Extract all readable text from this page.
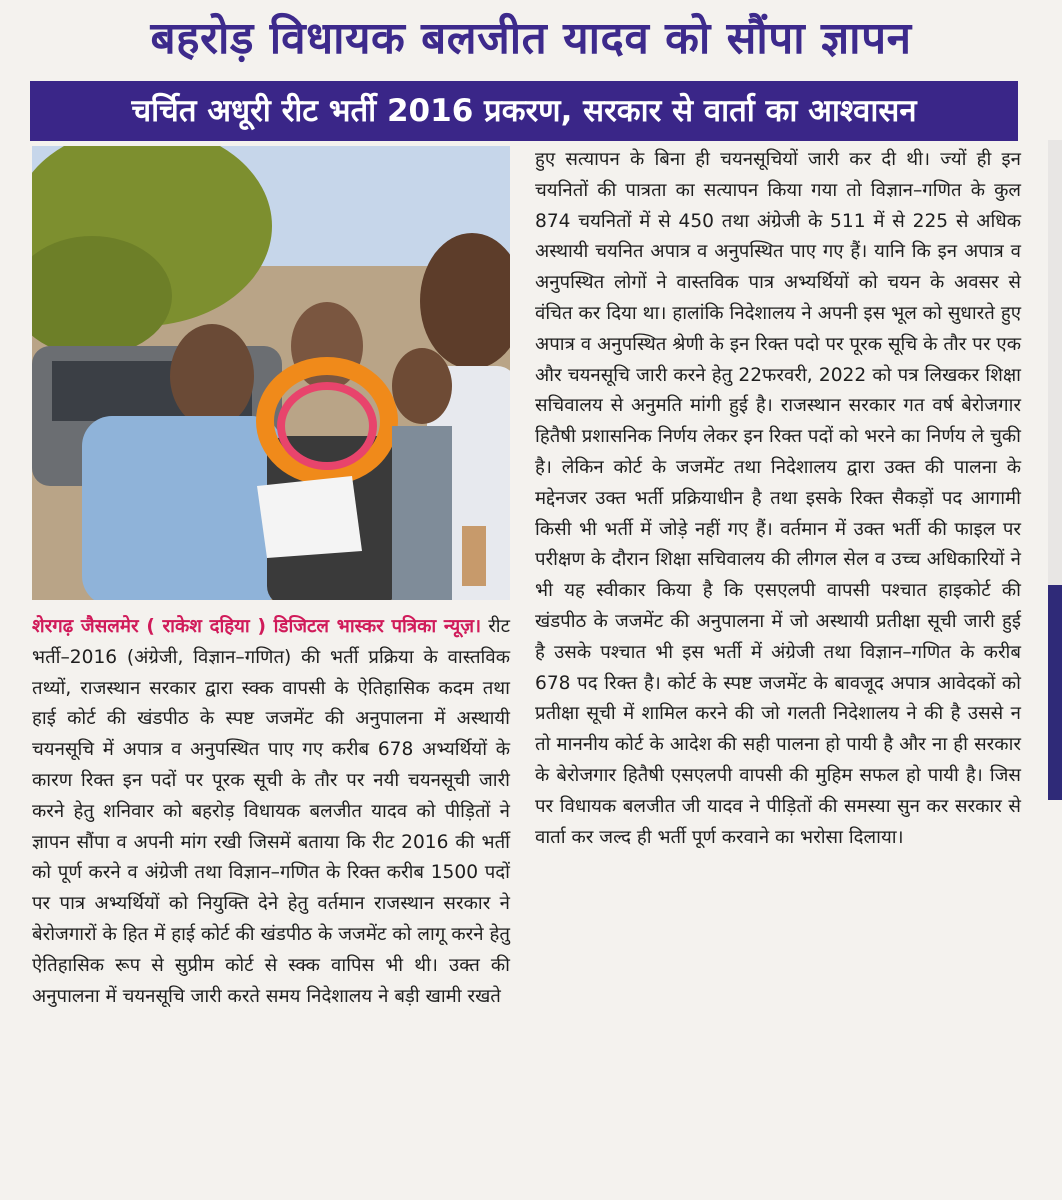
बहरोड़ विधायक बलजीत यादव को सौंपा ज्ञापन
चर्चित अधूरी रीट भर्ती 2016 प्रकरण, सरकार से वार्ता का आश्वासन

शेरगढ़ जैसलमेर ( राकेश दहिया ) डिजिटल भास्कर पत्रिका न्यूज़। रीट भर्ती–2016 (अंग्रेजी, विज्ञान–गणित) की भर्ती प्रक्रिया के वास्तविक तथ्यों, राजस्थान सरकार द्वारा स्क्क वापसी के ऐतिहासिक कदम तथा हाई कोर्ट की खंडपीठ के स्पष्ट जजमेंट की अनुपालना में अस्थायी चयनसूचि में अपात्र व अनुपस्थित पाए गए करीब 678 अभ्यर्थियों के कारण रिक्त इन पदों पर पूरक सूची के तौर पर नयी चयनसूची जारी करने हेतु शनिवार को बहरोड़ विधायक बलजीत यादव को पीड़ितों ने ज्ञापन सौंपा व अपनी मांग रखी जिसमें बताया कि रीट 2016 की भर्ती को पूर्ण करने व अंग्रेजी तथा विज्ञान–गणित के रिक्त करीब 1500 पदों पर पात्र अभ्यर्थियों को नियुक्ति देने हेतु वर्तमान राजस्थान सरकार ने बेरोजगारों के हित में हाई कोर्ट की खंडपीठ के जजमेंट को लागू करने हेतु ऐतिहासिक रूप से सुप्रीम कोर्ट से स्क्क वापिस भी थी। उक्त की अनुपालना में चयनसूचि जारी करते समय निदेशालय ने बड़ी खामी रखते

हुए सत्यापन के बिना ही चयनसूचियों जारी कर दी थी। ज्यों ही इन चयनितों की पात्रता का सत्यापन किया गया तो विज्ञान–गणित के कुल 874 चयनितों में से 450 तथा अंग्रेजी के 511 में से 225 से अधिक अस्थायी चयनित अपात्र व अनुपस्थित पाए गए हैं। यानि कि इन अपात्र व अनुपस्थित लोगों ने वास्तविक पात्र अभ्यर्थियों को चयन के अवसर से वंचित कर दिया था। हालांकि निदेशालय ने अपनी इस भूल को सुधारते हुए अपात्र व अनुपस्थित श्रेणी के इन रिक्त पदो पर पूरक सूचि के तौर पर एक और चयनसूचि जारी करने हेतु 22फरवरी, 2022 को पत्र लिखकर शिक्षा सचिवालय से अनुमति मांगी हुई है। राजस्थान सरकार गत वर्ष बेरोजगार हितैषी प्रशासनिक निर्णय लेकर इन रिक्त पदों को भरने का निर्णय ले चुकी है। लेकिन कोर्ट के जजमेंट तथा निदेशालय द्वारा उक्त की पालना के मद्देनजर उक्त भर्ती प्रक्रियाधीन है तथा इसके रिक्त सैकड़ों पद आगामी किसी भी भर्ती में जोड़े नहीं गए हैं। वर्तमान में उक्त भर्ती की फाइल पर परीक्षण के दौरान शिक्षा सचिवालय की लीगल सेल व उच्च अधिकारियों ने भी यह स्वीकार किया है कि एसएलपी वापसी पश्चात हाइकोर्ट की खंडपीठ के जजमेंट की अनुपालना में जो अस्थायी प्रतीक्षा सूची जारी हुई है उसके पश्चात भी इस भर्ती में अंग्रेजी तथा विज्ञान–गणित के करीब 678 पद रिक्त है। कोर्ट के स्पष्ट जजमेंट के बावजूद अपात्र आवेदकों को प्रतीक्षा सूची में शामिल करने की जो गलती निदेशालय ने की है उससे न तो माननीय कोर्ट के आदेश की सही पालना हो पायी है और ना ही सरकार के बेरोजगार हितैषी एसएलपी वापसी की मुहिम सफल हो पायी है। जिस पर विधायक बलजीत जी यादव ने पीड़ितों की समस्या सुन कर सरकार से वार्ता कर जल्द ही भर्ती पूर्ण करवाने का भरोसा दिलाया।
